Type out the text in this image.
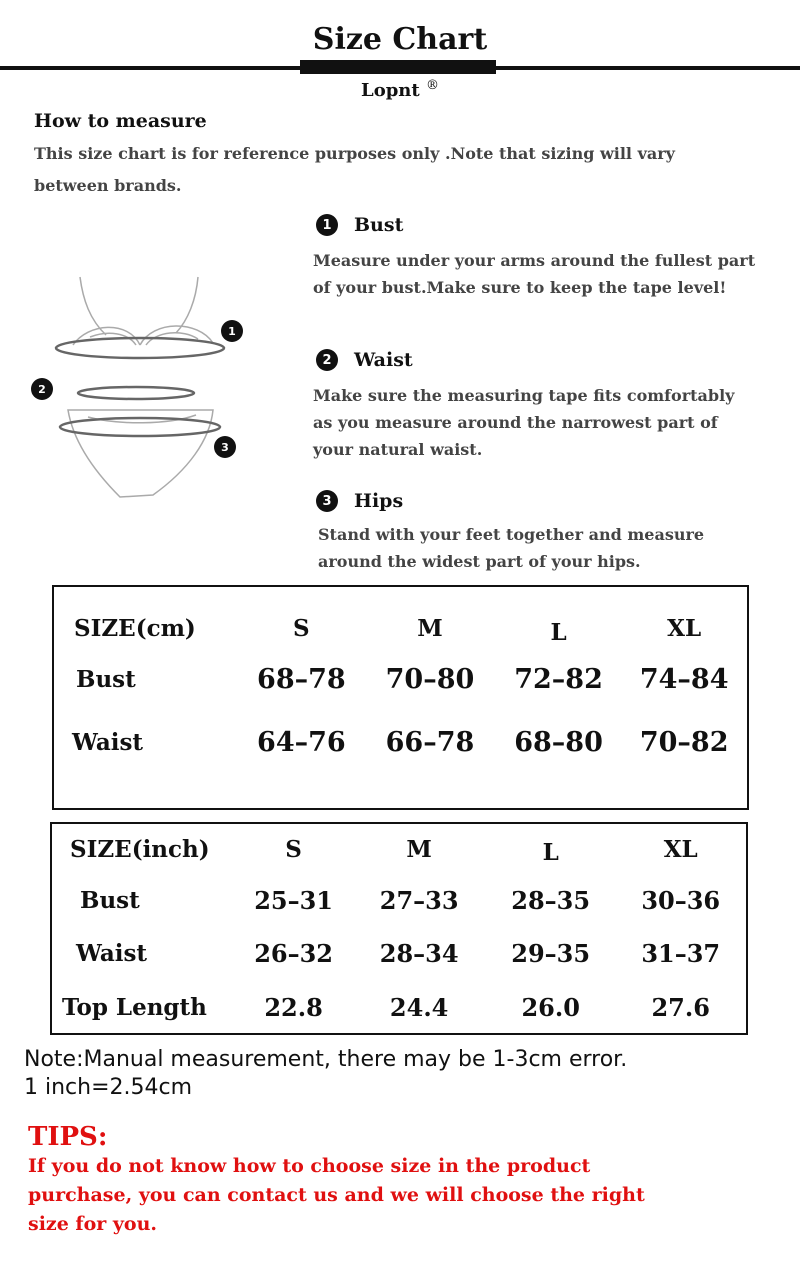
Size Chart
Lopnt ®
How to measure
This size chart is for reference purposes only .Note that sizing will vary
between brands.
1
2
3
1	Bust
Measure under your arms around the fullest part
of your bust.Make sure to keep the tape level!
2	Waist
Make sure the measuring tape fits comfortably
as you measure around the narrowest part of
your natural waist.
3	Hips
Stand with your feet together and measure
around the widest part of your hips.
SIZE(cm)	S	M	L	XL
Bust	68–78	70–80	72–82	74–84
Waist	64–76	66–78	68–80	70–82

SIZE(inch)	S	M	L	XL
Bust	25–31	27–33	28–35	30–36
Waist	26–32	28–34	29–35	31–37
Top Length	22.8	24.4	26.0	27.6
Note:Manual measurement, there may be 1-3cm error.
1 inch=2.54cm
TIPS:
If you do not know how to choose size in the product
purchase, you can contact us and we will choose the right
size for you.
